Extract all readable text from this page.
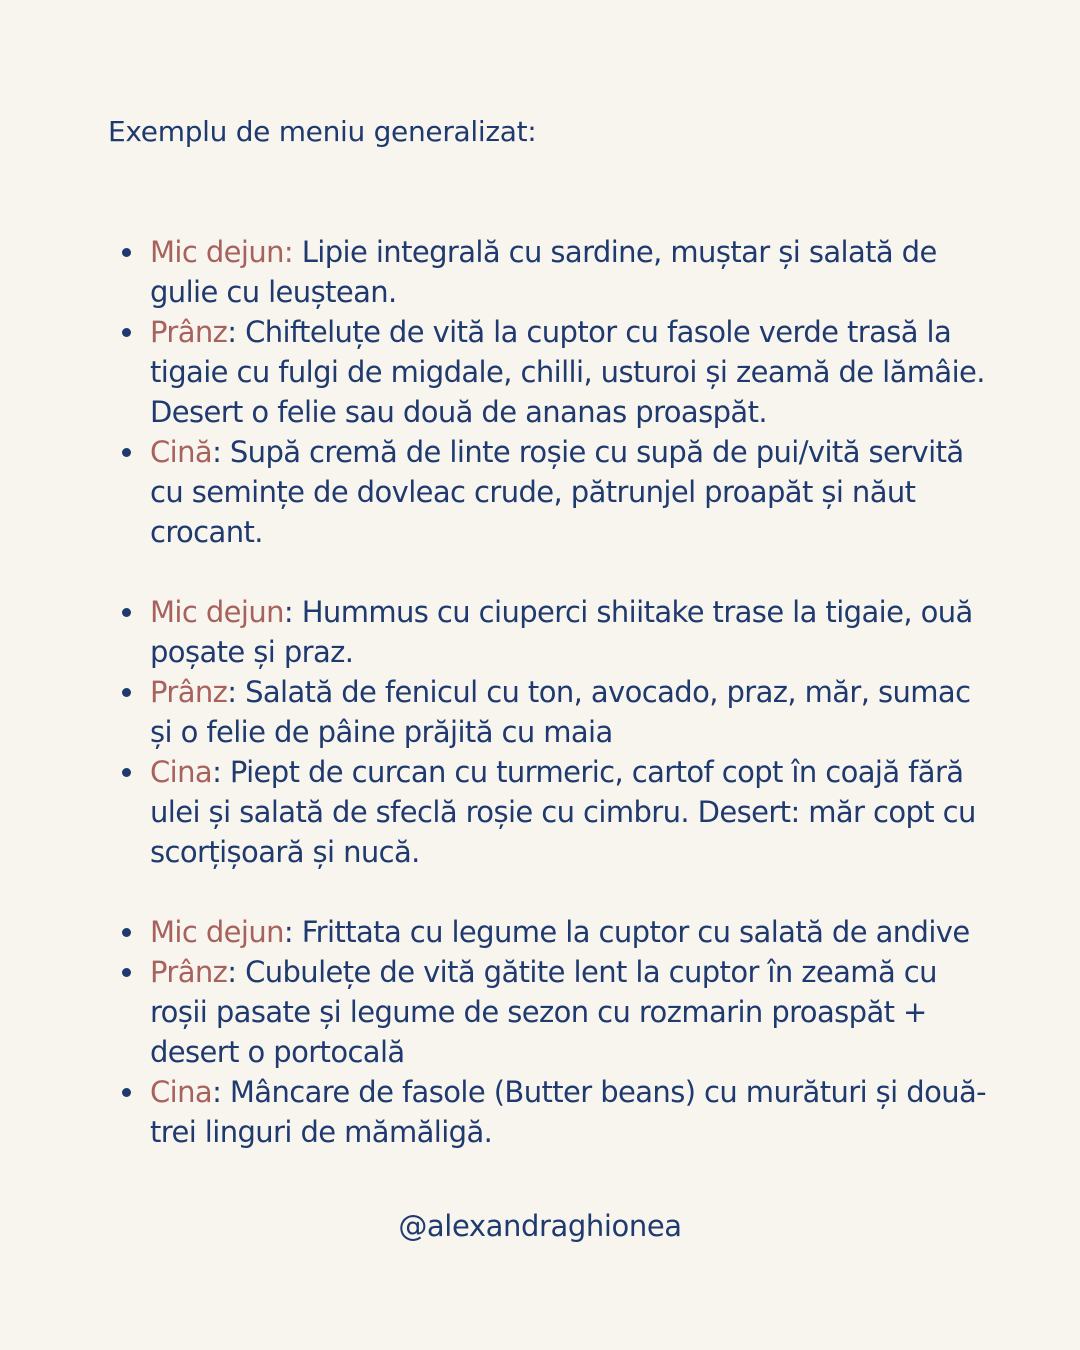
Exemplu de meniu generalizat:
Mic dejun: Lipie integrală cu sardine, muștar și salată de gulie cu leuștean.
Prânz: Chifteluțe de vită la cuptor cu fasole verde trasă la tigaie cu fulgi de migdale, chilli, usturoi și zeamă de lămâie. Desert o felie sau două de ananas proaspăt.
Cină: Supă cremă de linte roșie cu supă de pui/vită servită cu semințe de dovleac crude, pătrunjel proapăt și năut crocant.
Mic dejun: Hummus cu ciuperci shiitake trase la tigaie, ouă poșate și praz.
Prânz: Salată de fenicul cu ton, avocado, praz, măr, sumac și o felie de pâine prăjită cu maia
Cina: Piept de curcan cu turmeric, cartof copt în coajă fără ulei și salată de sfeclă roșie cu cimbru. Desert: măr copt cu scorțișoară și nucă.
Mic dejun: Frittata cu legume la cuptor cu salată de andive
Prânz: Cubulețe de vită gătite lent la cuptor în zeamă cu roșii pasate și legume de sezon cu rozmarin proaspăt + desert o portocală
Cina: Mâncare de fasole (Butter beans) cu murături și două-trei linguri de mămăligă.
@alexandraghionea
